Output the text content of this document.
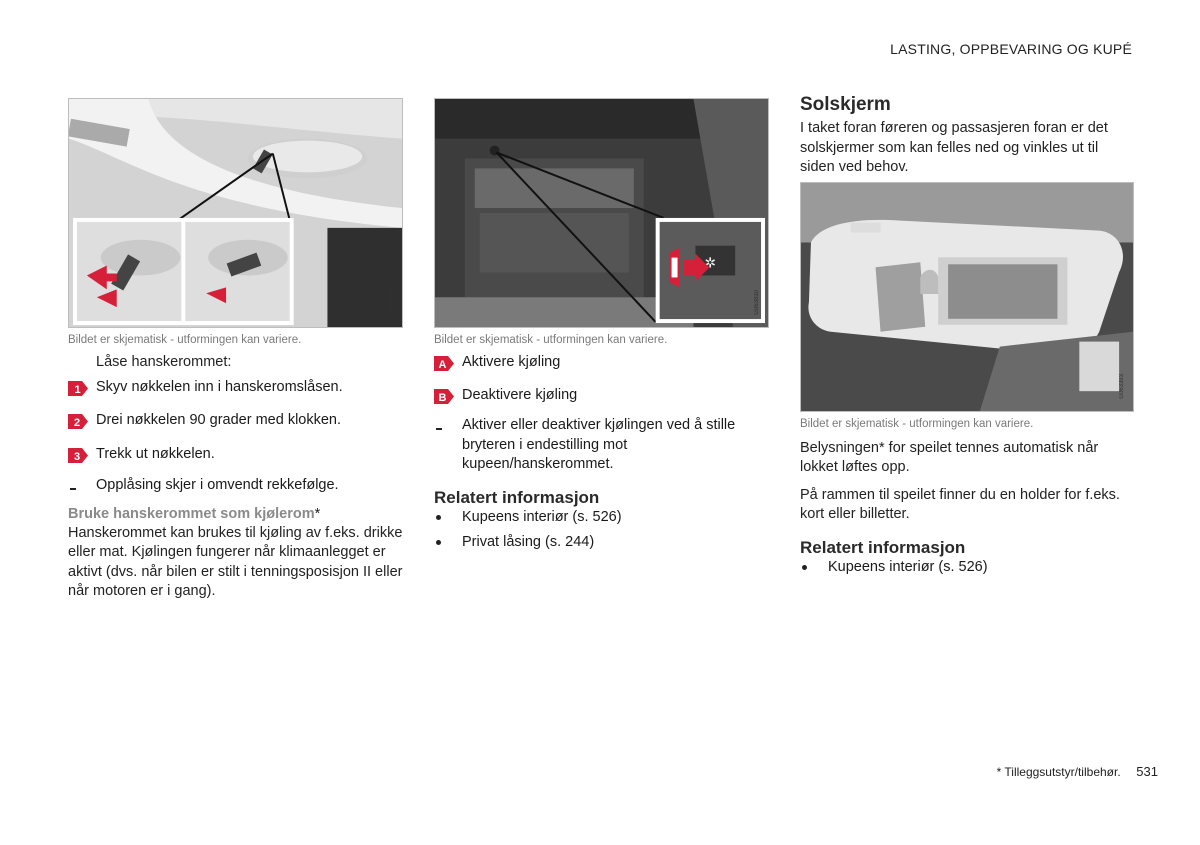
LASTING, OPPBEVARING OG KUPÉ
G060213
Bildet er skjematisk - utformingen kan variere.
Låse hanskerommet:
1 Skyv nøkkelen inn i hanskeromslåsen.
2 Drei nøkkelen 90 grader med klokken.
3 Trekk ut nøkkelen.
Opplåsing skjer i omvendt rekkefølge.
Bruke hanskerommet som kjølerom*
Hanskerommet kan brukes til kjøling av f.eks. drikke eller mat. Kjølingen fungerer når klimaanlegget er aktivt (dvs. når bilen er stilt i tenningsposisjon II eller når motoren er i gang).
✲
G063830
Bildet er skjematisk - utformingen kan variere.
A Aktivere kjøling
B Deaktivere kjøling
Aktiver eller deaktiver kjølingen ved å stille bryteren i endestilling mot kupeen/hanskerommet.
Relatert informasjon
Kupeens interiør (s. 526)
Privat låsing (s. 244)
Solskjerm
I taket foran føreren og passasjeren foran er det solskjermer som kan felles ned og vinkles ut til siden ved behov.
G063393
Bildet er skjematisk - utformingen kan variere.
Belysningen* for speilet tennes automatisk når lokket løftes opp.
På rammen til speilet finner du en holder for f.eks. kort eller billetter.
Relatert informasjon
Kupeens interiør (s. 526)
* Tilleggsutstyr/tilbehør. 531
